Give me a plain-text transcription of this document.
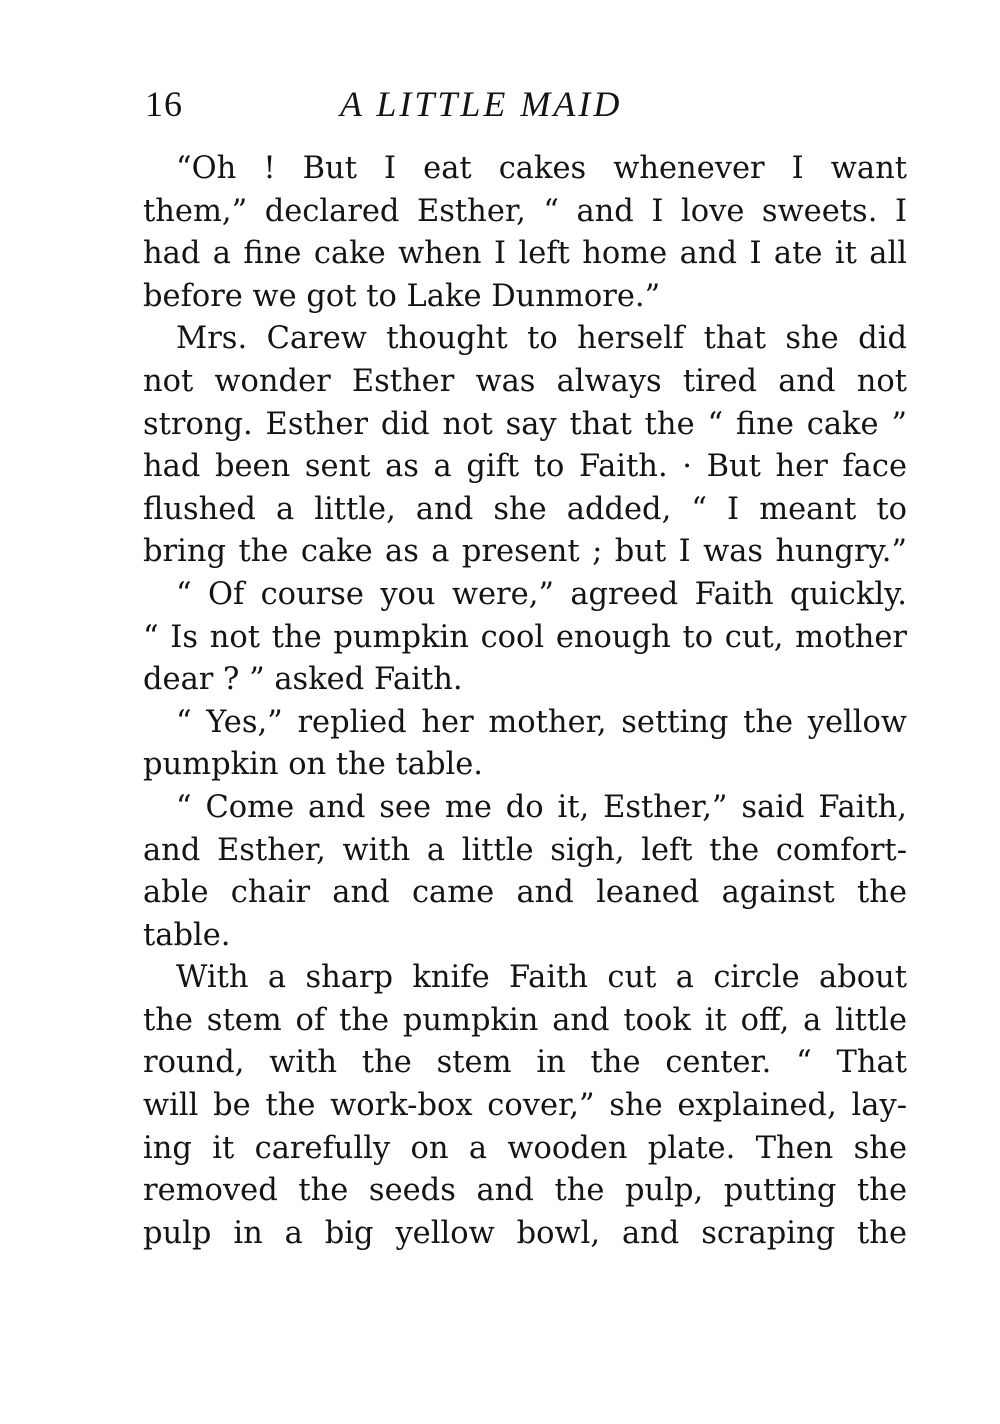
16	A LITTLE MAID
“Oh ! But I eat cakes whenever I want
them,” declared Esther, “ and I love sweets. I
had a fine cake when I left home and I ate it all
before we got to Lake Dunmore.”
Mrs. Carew thought to herself that she did
not wonder Esther was always tired and not
strong. Esther did not say that the “ fine cake ”
had been sent as a gift to Faith. · But her face
flushed a little, and she added, “ I meant to
bring the cake as a present ; but I was hungry.”
“ Of course you were,” agreed Faith quickly.
“ Is not the pumpkin cool enough to cut, mother
dear ? ” asked Faith.
“ Yes,” replied her mother, setting the yellow
pumpkin on the table.
“ Come and see me do it, Esther,” said Faith,
and Esther, with a little sigh, left the comfort-
able chair and came and leaned against the
table.
With a sharp knife Faith cut a circle about
the stem of the pumpkin and took it off, a little
round, with the stem in the center. “ That
will be the work-box cover,” she explained, lay-
ing it carefully on a wooden plate. Then she
removed the seeds and the pulp, putting the
pulp in a big yellow bowl, and scraping the
